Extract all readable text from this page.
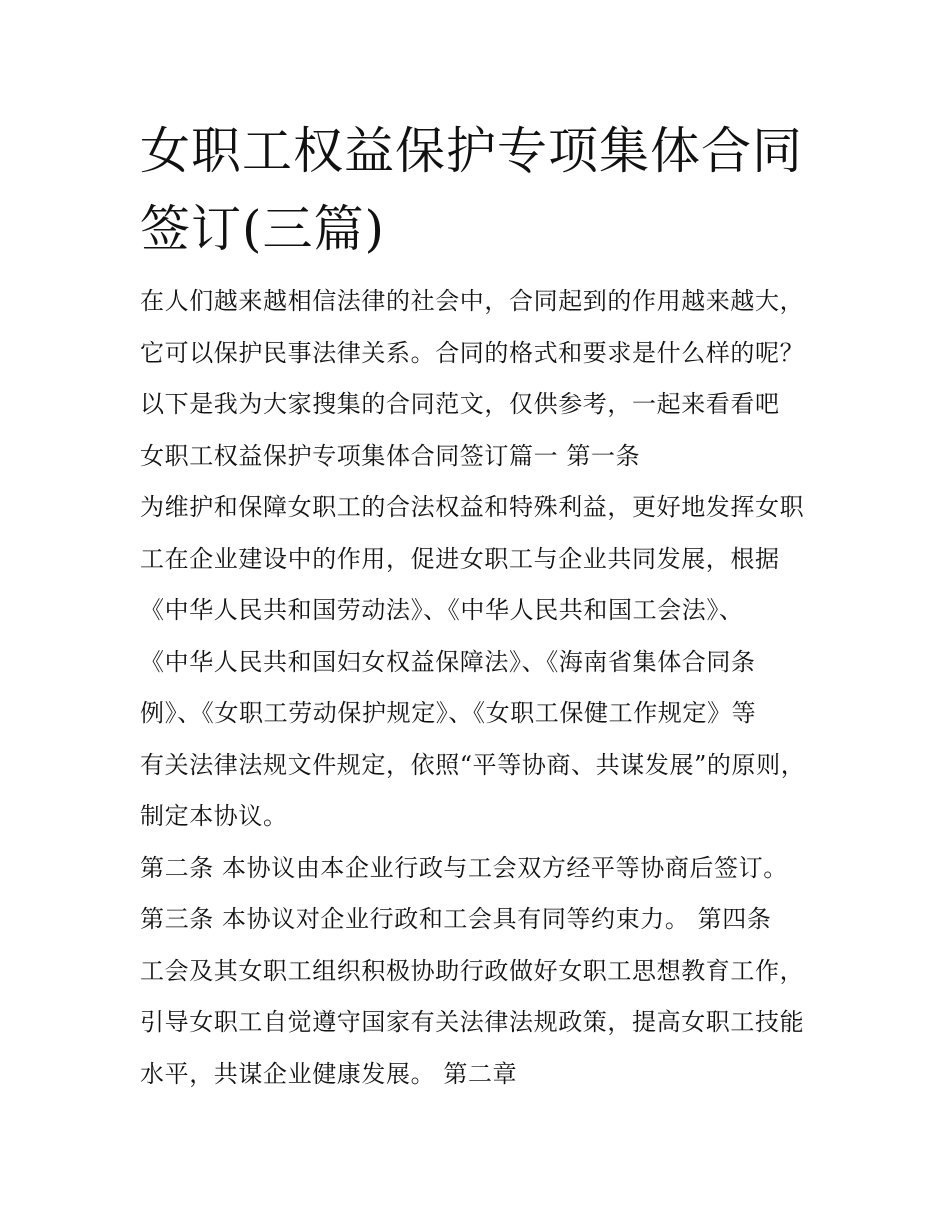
女职工权益保护专项集体合同
签订(三篇)
在人们越来越相信法律的社会中，合同起到的作用越来越大，
它可以保护民事法律关系。合同的格式和要求是什么样的呢？
以下是我为大家搜集的合同范文，仅供参考，一起来看看吧
女职工权益保护专项集体合同签订篇一 第一条
为维护和保障女职工的合法权益和特殊利益，更好地发挥女职
工在企业建设中的作用，促进女职工与企业共同发展，根据
《中华人民共和国劳动法》、《中华人民共和国工会法》、
《中华人民共和国妇女权益保障法》、《海南省集体合同条
例》、《女职工劳动保护规定》、《女职工保健工作规定》等
有关法律法规文件规定，依照“平等协商、共谋发展”的原则，
制定本协议。
第二条 本协议由本企业行政与工会双方经平等协商后签订。
第三条 本协议对企业行政和工会具有同等约束力。 第四条
工会及其女职工组织积极协助行政做好女职工思想教育工作，
引导女职工自觉遵守国家有关法律法规政策，提高女职工技能
水平，共谋企业健康发展。 第二章
